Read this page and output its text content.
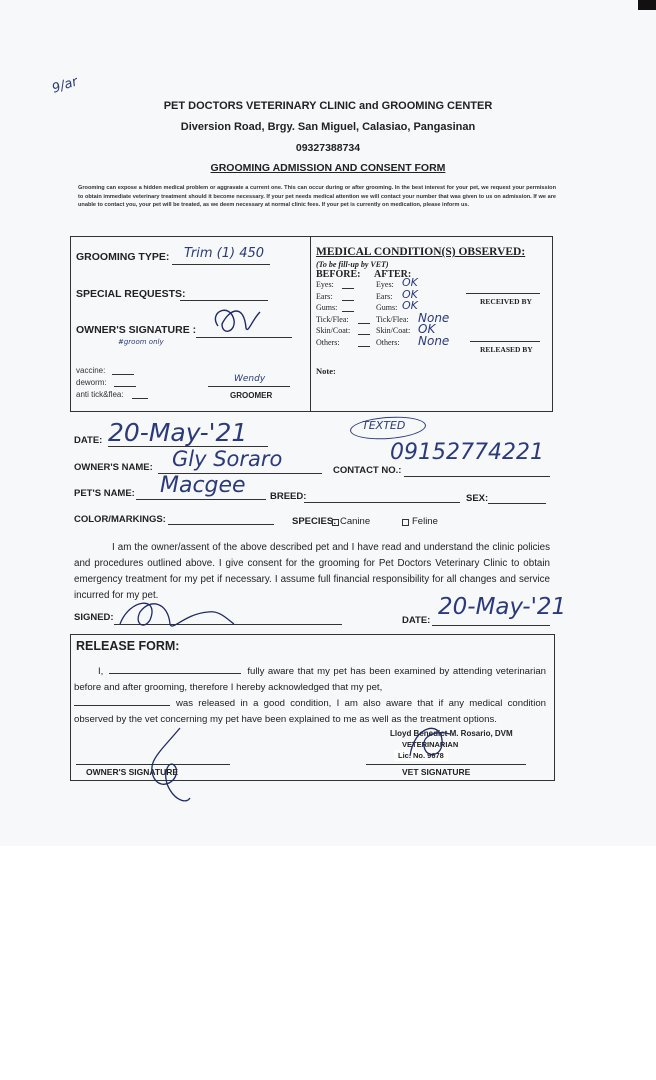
9/ar
PET DOCTORS VETERINARY CLINIC and GROOMING CENTER
Diversion Road, Brgy. San Miguel, Calasiao, Pangasinan
09327388734
GROOMING ADMISSION AND CONSENT FORM
Grooming can expose a hidden medical problem or aggravate a current one. This can occur during or after grooming. In the best interest for your pet, we request your permission to obtain immediate veterinary treatment should it become necessary. If your pet needs medical attention we will contact your number that was given to us on admission. If we are unable to contact you, your pet will be treated, as we deem necessary at normal clinic fees. If your pet is currently on medication, please inform us.
GROOMING TYPE: Trim (1) 450
SPECIAL REQUESTS:
OWNER'S SIGNATURE :
#groom only
vaccine:
deworm:
anti tick&flea:
Wendy
GROOMER
MEDICAL CONDITION(S) OBSERVED:
(To be fill-up by VET)
BEFORE: AFTER:
Eyes:	Eyes: OK
Ears:	Ears: OK
Gums:	Gums: OK
Tick/Flea:	Tick/Flea: None
Skin/Coat:	Skin/Coat: OK
Others:	Others: None
RECEIVED BY
RELEASED BY
Note:
TEXTED
DATE: 20-May-'21
OWNER'S NAME: Gly Soraro	CONTACT NO.:
09152774221
PET'S NAME: Macgee	BREED:	SEX:
COLOR/MARKINGS:	SPECIES: Canine	Feline
I am the owner/assent of the above described pet and I have read and understand the clinic policies and procedures outlined above. I give consent for the grooming for Pet Doctors Veterinary Clinic to obtain emergency treatment for my pet if necessary. I assume full financial responsibility for all changes and service incurred for my pet.
SIGNED:	DATE:
20-May-'21
RELEASE FORM:
I,	fully aware that my pet has been examined by attending veterinarian before and after grooming, therefore I hereby acknowledged that my pet,
was released in a good condition, I am also aware that if any medical condition observed by the vet concerning my pet have been explained to me as well as the treatment options.
Lloyd Benedict M. Rosario, DVM
VETERINARIAN
Lic. No. 9678
OWNER'S SIGNATURE	VET SIGNATURE
